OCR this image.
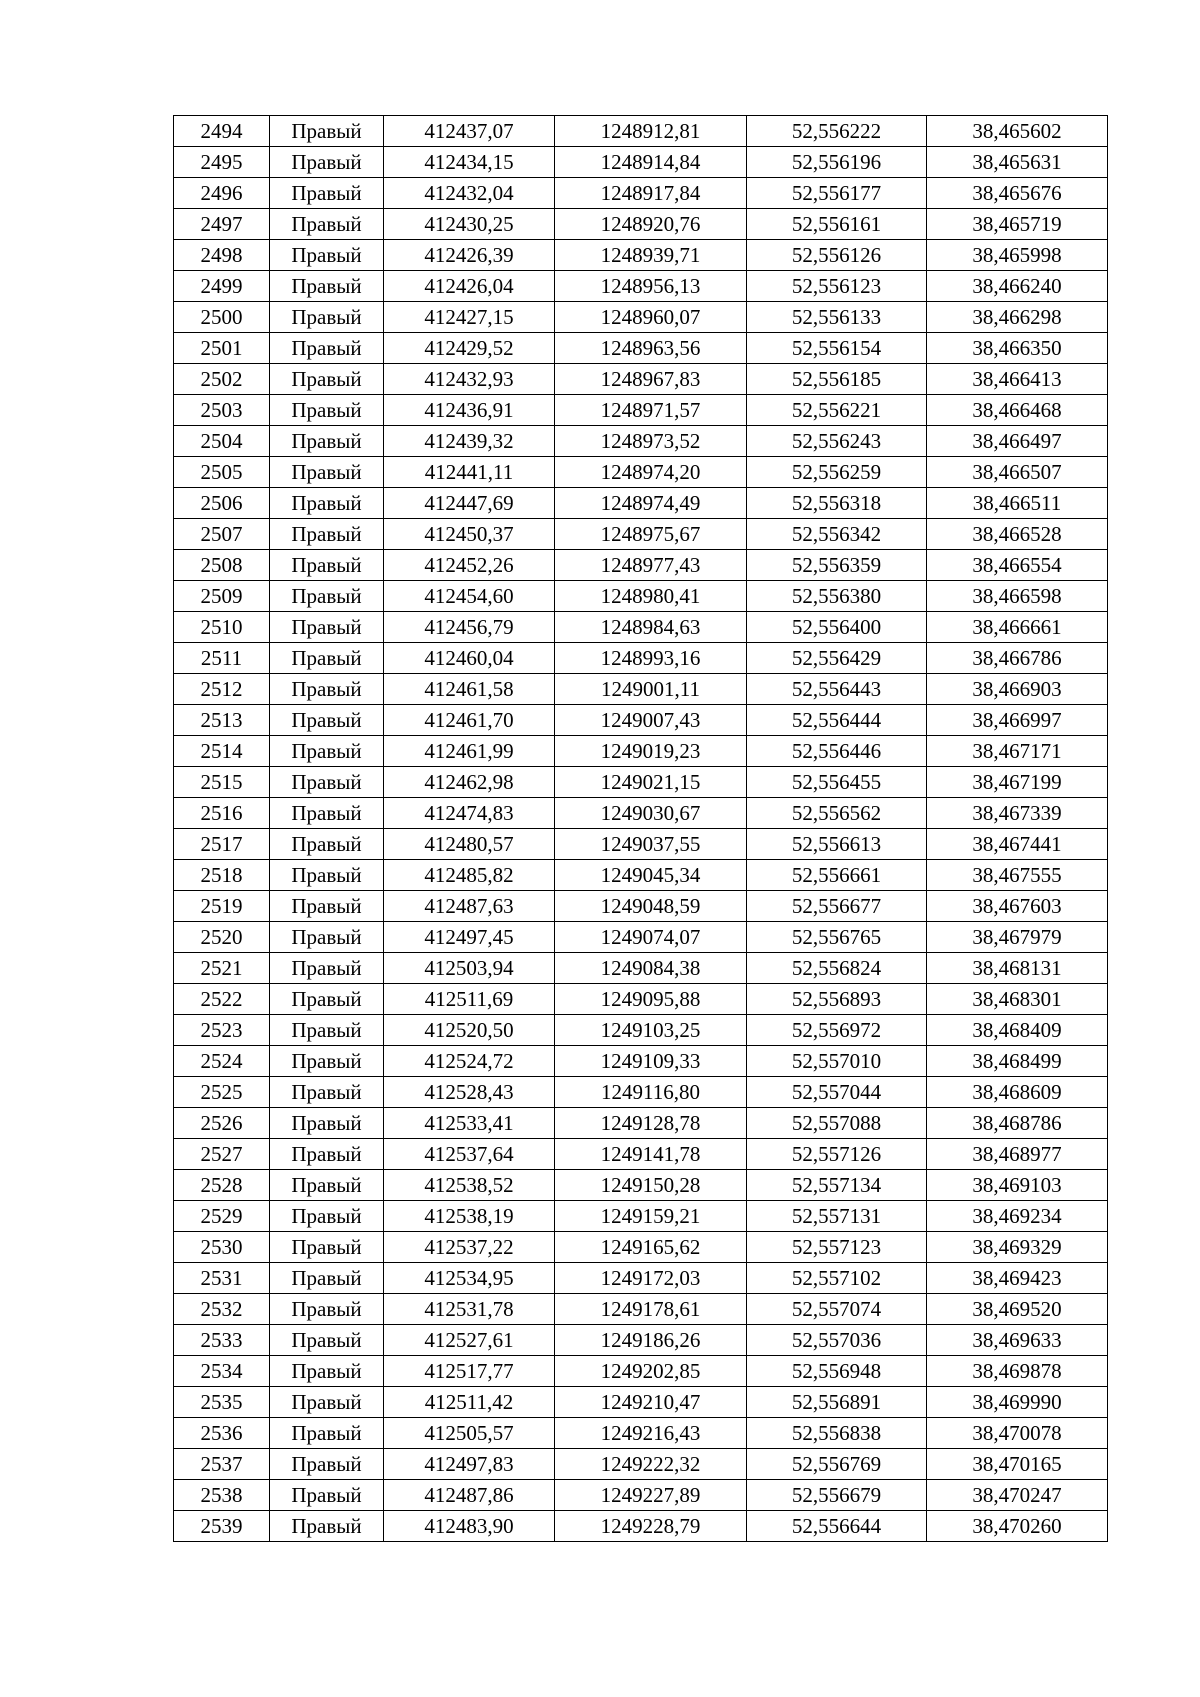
2494	Правый	412437,07	1248912,81	52,556222	38,465602
2495	Правый	412434,15	1248914,84	52,556196	38,465631
2496	Правый	412432,04	1248917,84	52,556177	38,465676
2497	Правый	412430,25	1248920,76	52,556161	38,465719
2498	Правый	412426,39	1248939,71	52,556126	38,465998
2499	Правый	412426,04	1248956,13	52,556123	38,466240
2500	Правый	412427,15	1248960,07	52,556133	38,466298
2501	Правый	412429,52	1248963,56	52,556154	38,466350
2502	Правый	412432,93	1248967,83	52,556185	38,466413
2503	Правый	412436,91	1248971,57	52,556221	38,466468
2504	Правый	412439,32	1248973,52	52,556243	38,466497
2505	Правый	412441,11	1248974,20	52,556259	38,466507
2506	Правый	412447,69	1248974,49	52,556318	38,466511
2507	Правый	412450,37	1248975,67	52,556342	38,466528
2508	Правый	412452,26	1248977,43	52,556359	38,466554
2509	Правый	412454,60	1248980,41	52,556380	38,466598
2510	Правый	412456,79	1248984,63	52,556400	38,466661
2511	Правый	412460,04	1248993,16	52,556429	38,466786
2512	Правый	412461,58	1249001,11	52,556443	38,466903
2513	Правый	412461,70	1249007,43	52,556444	38,466997
2514	Правый	412461,99	1249019,23	52,556446	38,467171
2515	Правый	412462,98	1249021,15	52,556455	38,467199
2516	Правый	412474,83	1249030,67	52,556562	38,467339
2517	Правый	412480,57	1249037,55	52,556613	38,467441
2518	Правый	412485,82	1249045,34	52,556661	38,467555
2519	Правый	412487,63	1249048,59	52,556677	38,467603
2520	Правый	412497,45	1249074,07	52,556765	38,467979
2521	Правый	412503,94	1249084,38	52,556824	38,468131
2522	Правый	412511,69	1249095,88	52,556893	38,468301
2523	Правый	412520,50	1249103,25	52,556972	38,468409
2524	Правый	412524,72	1249109,33	52,557010	38,468499
2525	Правый	412528,43	1249116,80	52,557044	38,468609
2526	Правый	412533,41	1249128,78	52,557088	38,468786
2527	Правый	412537,64	1249141,78	52,557126	38,468977
2528	Правый	412538,52	1249150,28	52,557134	38,469103
2529	Правый	412538,19	1249159,21	52,557131	38,469234
2530	Правый	412537,22	1249165,62	52,557123	38,469329
2531	Правый	412534,95	1249172,03	52,557102	38,469423
2532	Правый	412531,78	1249178,61	52,557074	38,469520
2533	Правый	412527,61	1249186,26	52,557036	38,469633
2534	Правый	412517,77	1249202,85	52,556948	38,469878
2535	Правый	412511,42	1249210,47	52,556891	38,469990
2536	Правый	412505,57	1249216,43	52,556838	38,470078
2537	Правый	412497,83	1249222,32	52,556769	38,470165
2538	Правый	412487,86	1249227,89	52,556679	38,470247
2539	Правый	412483,90	1249228,79	52,556644	38,470260
